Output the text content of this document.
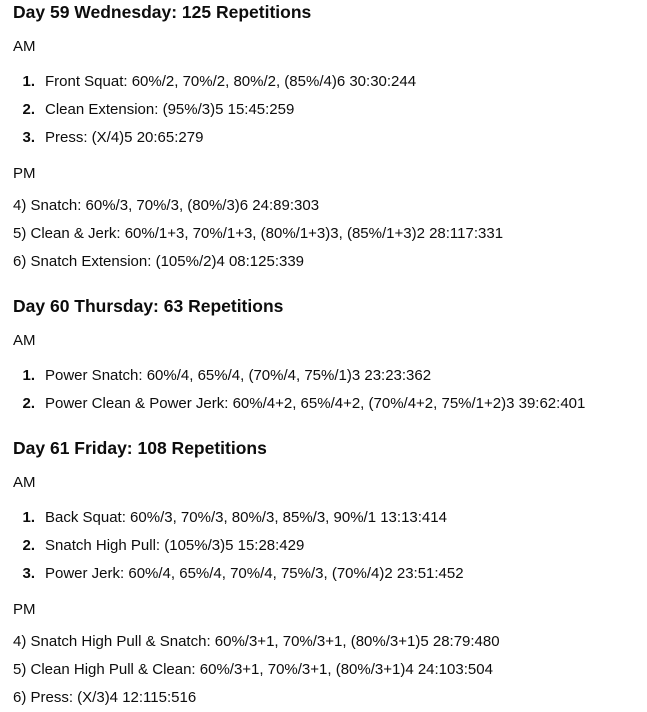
Day 59 Wednesday: 125 Repetitions

AM

1. Front Squat: 60%/2, 70%/2, 80%/2, (85%/4)6 30:30:244
2. Clean Extension: (95%/3)5 15:45:259
3. Press: (X/4)5 20:65:279

PM

4) Snatch: 60%/3, 70%/3, (80%/3)6 24:89:303

5) Clean & Jerk: 60%/1+3, 70%/1+3, (80%/1+3)3, (85%/1+3)2 28:117:331

6) Snatch Extension: (105%/2)4 08:125:339

Day 60 Thursday: 63 Repetitions

AM

1. Power Snatch: 60%/4, 65%/4, (70%/4, 75%/1)3 23:23:362
2. Power Clean & Power Jerk: 60%/4+2, 65%/4+2, (70%/4+2, 75%/1+2)3 39:62:401
Day 61 Friday: 108 Repetitions

AM

1. Back Squat: 60%/3, 70%/3, 80%/3, 85%/3, 90%/1 13:13:414
2. Snatch High Pull: (105%/3)5 15:28:429
3. Power Jerk: 60%/4, 65%/4, 70%/4, 75%/3, (70%/4)2 23:51:452

PM

4) Snatch High Pull & Snatch: 60%/3+1, 70%/3+1, (80%/3+1)5 28:79:480

5) Clean High Pull & Clean: 60%/3+1, 70%/3+1, (80%/3+1)4 24:103:504

6) Press: (X/3)4 12:115:516
